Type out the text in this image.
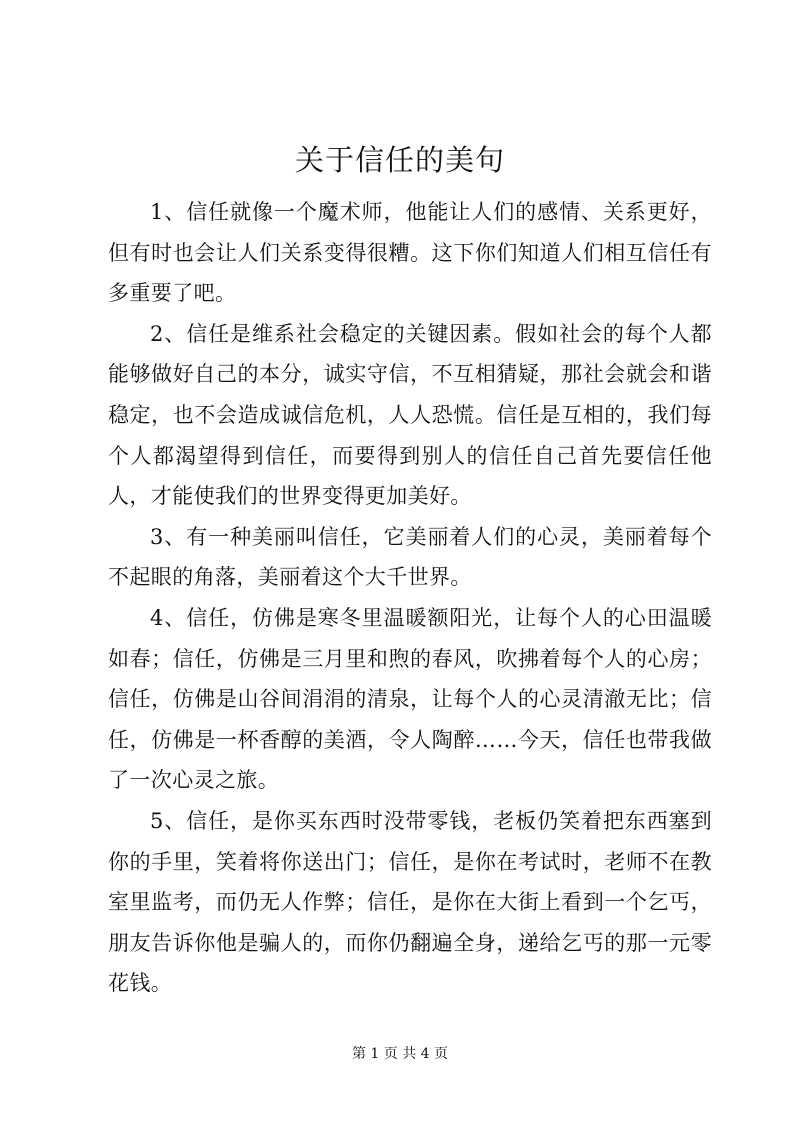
关于信任的美句

1、信任就像一个魔术师，他能让人们的感情、关系更好，但有时也会让人们关系变得很糟。这下你们知道人们相互信任有多重要了吧。

2、信任是维系社会稳定的关键因素。假如社会的每个人都能够做好自己的本分，诚实守信，不互相猜疑，那社会就会和谐稳定，也不会造成诚信危机，人人恐慌。信任是互相的，我们每个人都渴望得到信任，而要得到别人的信任自己首先要信任他人，才能使我们的世界变得更加美好。

3、有一种美丽叫信任，它美丽着人们的心灵，美丽着每个不起眼的角落，美丽着这个大千世界。

4、信任，仿佛是寒冬里温暖额阳光，让每个人的心田温暖如春；信任，仿佛是三月里和煦的春风，吹拂着每个人的心房；信任，仿佛是山谷间涓涓的清泉，让每个人的心灵清澈无比；信任，仿佛是一杯香醇的美酒，令人陶醉……今天，信任也带我做了一次心灵之旅。

5、信任，是你买东西时没带零钱，老板仍笑着把东西塞到你的手里，笑着将你送出门；信任，是你在考试时，老师不在教室里监考，而仍无人作弊；信任，是你在大街上看到一个乞丐，朋友告诉你他是骗人的，而你仍翻遍全身，递给乞丐的那一元零花钱。

第 1 页 共 4 页
